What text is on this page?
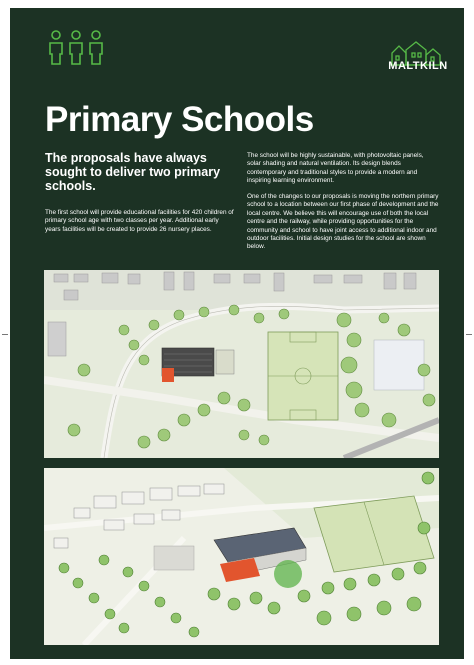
MALTKILN
Primary Schools
The proposals have always sought to deliver two primary schools.
The first school will provide educational facilities for 420 children of primary school age with two classes per year. Additional early years facilities will be created to provide 26 nursery places.
The school will be highly sustainable, with photovoltaic panels, solar shading and natural ventilation. Its design blends contemporary and traditional styles to provide a modern and inspiring learning environment.
One of the changes to our proposals is moving the northern primary school to a location between our first phase of development and the local centre. We believe this will encourage use of both the local centre and the railway, while providing opportunities for the community and school to have joint access to additional indoor and outdoor facilities. Initial design studies for the school are shown below.
